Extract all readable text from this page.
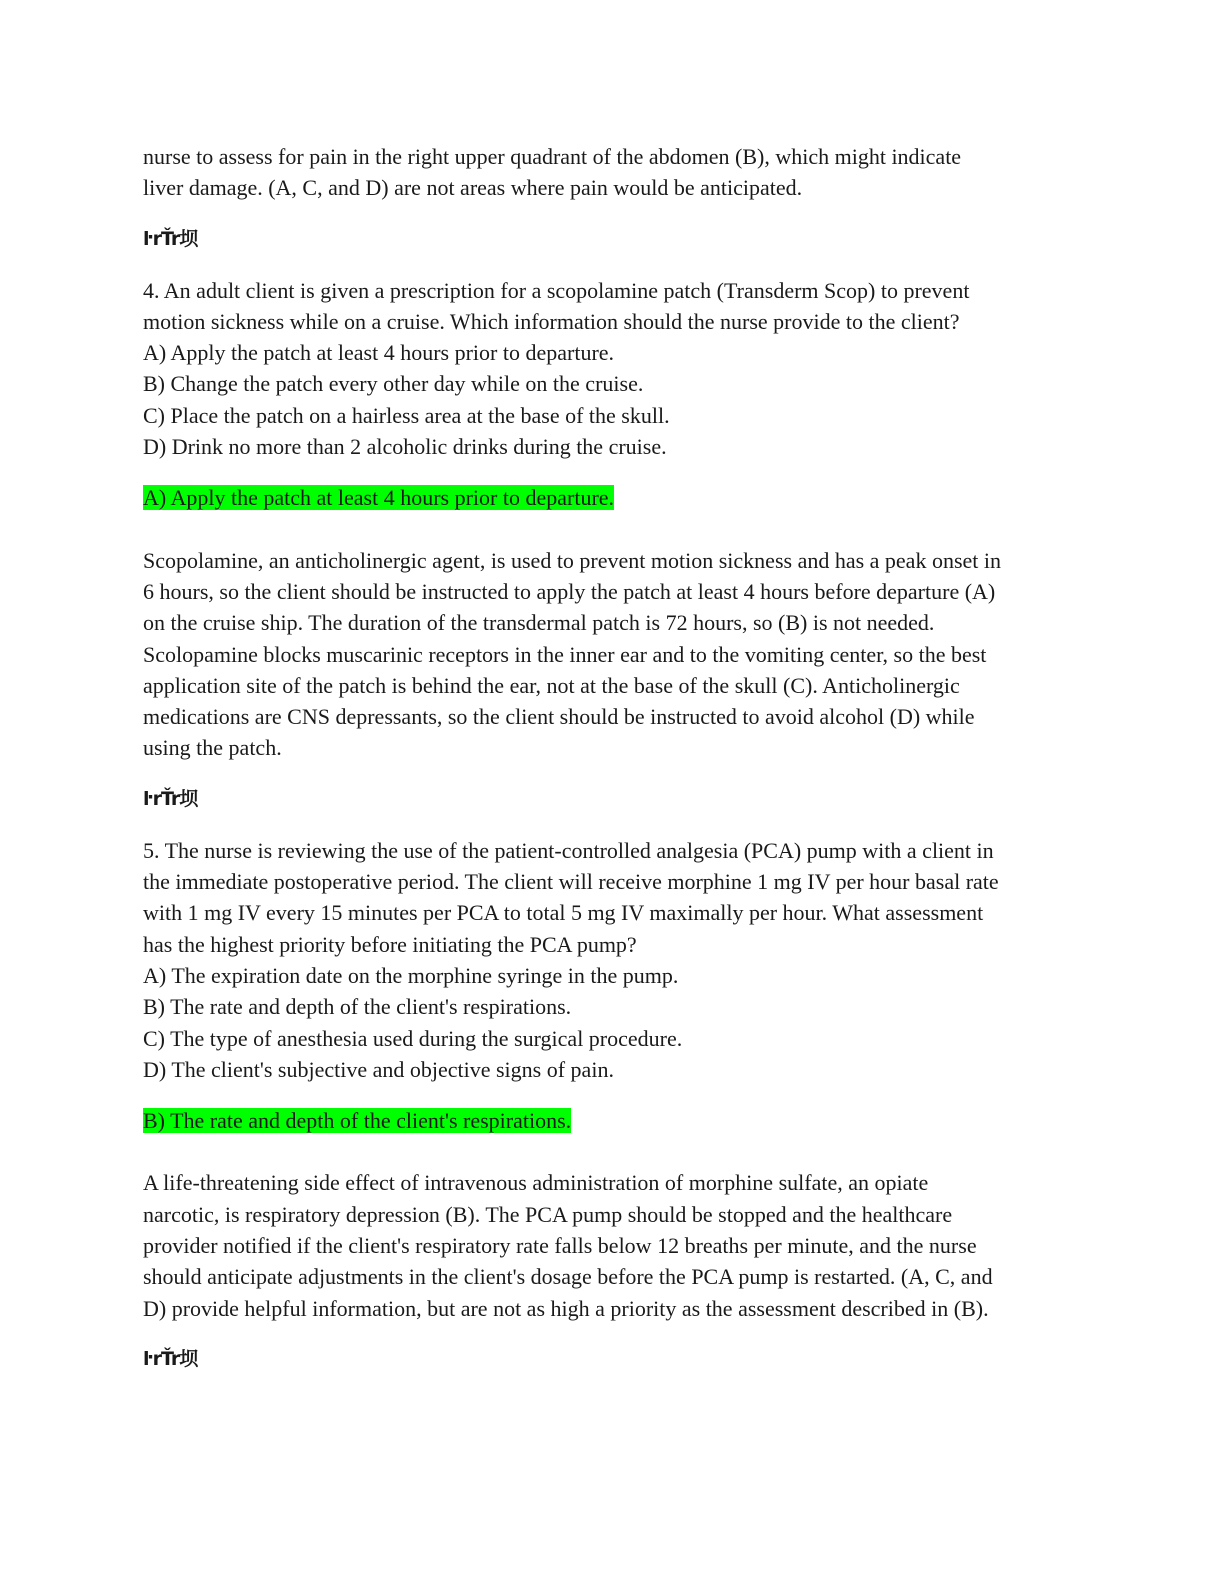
nurse to assess for pain in the right upper quadrant of the abdomen (B), which might indicate
liver damage. (A, C, and D) are not areas where pain would be anticipated.

ŀrŤr坝

4. An adult client is given a prescription for a scopolamine patch (Transderm Scop) to prevent
motion sickness while on a cruise. Which information should the nurse provide to the client?
A) Apply the patch at least 4 hours prior to departure.
B) Change the patch every other day while on the cruise.
C) Place the patch on a hairless area at the base of the skull.
D) Drink no more than 2 alcoholic drinks during the cruise.

A) Apply the patch at least 4 hours prior to departure.

Scopolamine, an anticholinergic agent, is used to prevent motion sickness and has a peak onset in
6 hours, so the client should be instructed to apply the patch at least 4 hours before departure (A)
on the cruise ship. The duration of the transdermal patch is 72 hours, so (B) is not needed.
Scolopamine blocks muscarinic receptors in the inner ear and to the vomiting center, so the best
application site of the patch is behind the ear, not at the base of the skull (C). Anticholinergic
medications are CNS depressants, so the client should be instructed to avoid alcohol (D) while
using the patch.

ŀrŤr坝

5. The nurse is reviewing the use of the patient-controlled analgesia (PCA) pump with a client in
the immediate postoperative period. The client will receive morphine 1 mg IV per hour basal rate
with 1 mg IV every 15 minutes per PCA to total 5 mg IV maximally per hour. What assessment
has the highest priority before initiating the PCA pump?
A) The expiration date on the morphine syringe in the pump.
B) The rate and depth of the client's respirations.
C) The type of anesthesia used during the surgical procedure.
D) The client's subjective and objective signs of pain.

B) The rate and depth of the client's respirations.

A life-threatening side effect of intravenous administration of morphine sulfate, an opiate
narcotic, is respiratory depression (B). The PCA pump should be stopped and the healthcare
provider notified if the client's respiratory rate falls below 12 breaths per minute, and the nurse
should anticipate adjustments in the client's dosage before the PCA pump is restarted. (A, C, and
D) provide helpful information, but are not as high a priority as the assessment described in (B).

ŀrŤr坝
